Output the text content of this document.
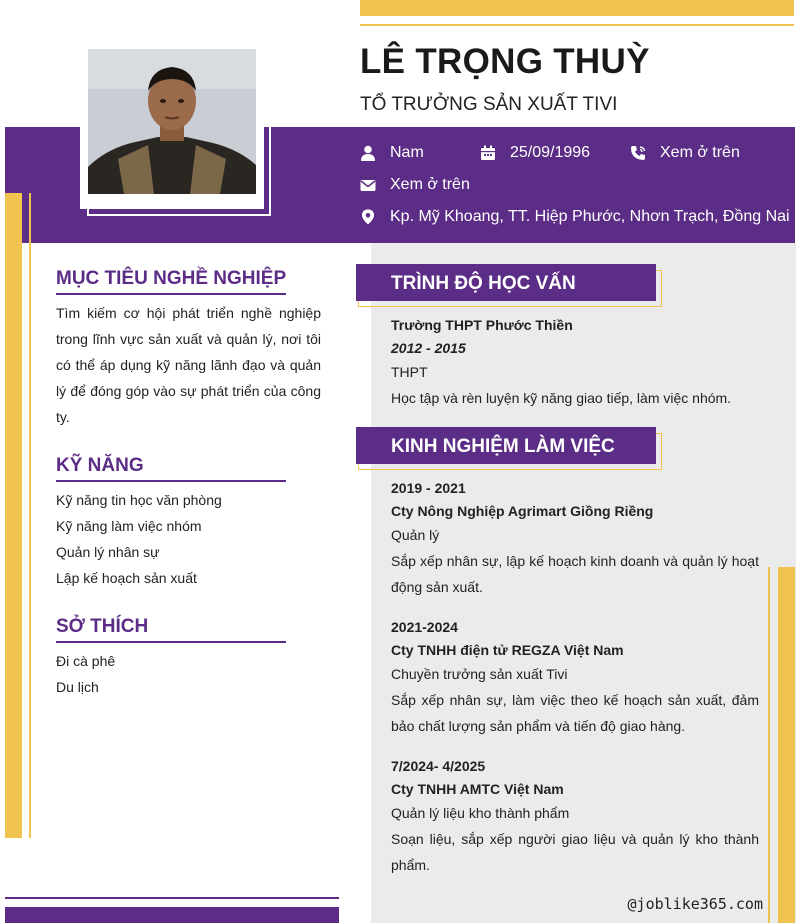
LÊ TRỌNG THUỲ
TỔ TRƯỞNG SẢN XUẤT TIVI
Nam	25/09/1996	Xem ở trên
Xem ở trên
Kp. Mỹ Khoang, TT. Hiệp Phước, Nhơn Trạch, Đồng Nai
MỤC TIÊU NGHỀ NGHIỆP
Tìm kiếm cơ hội phát triển nghề nghiệp trong lĩnh vực sản xuất và quản lý, nơi tôi có thể áp dụng kỹ năng lãnh đạo và quản lý để đóng góp vào sự phát triển của công ty.
KỸ NĂNG
Kỹ năng tin học văn phòng
Kỹ năng làm việc nhóm
Quản lý nhân sự
Lập kế hoạch sản xuất
SỞ THÍCH
Đi cà phê
Du lịch
TRÌNH ĐỘ HỌC VẤN
Trường THPT Phước Thiền
2012 - 2015
THPT
Học tập và rèn luyện kỹ năng giao tiếp, làm việc nhóm.
KINH NGHIỆM LÀM VIỆC
2019 - 2021
Cty Nông Nghiệp Agrimart Giồng Riềng
Quản lý
Sắp xếp nhân sự, lập kế hoạch kinh doanh và quản lý hoạt động sản xuất.
2021-2024
Cty TNHH điện tử REGZA Việt Nam
Chuyền trưởng sản xuất Tivi
Sắp xếp nhân sự, làm việc theo kế hoạch sản xuất, đảm bảo chất lượng sản phẩm và tiến độ giao hàng.
7/2024- 4/2025
Cty TNHH AMTC Việt Nam
Quản lý liệu kho thành phẩm
Soạn liệu, sắp xếp người giao liệu và quản lý kho thành phẩm.
@joblike365.com
